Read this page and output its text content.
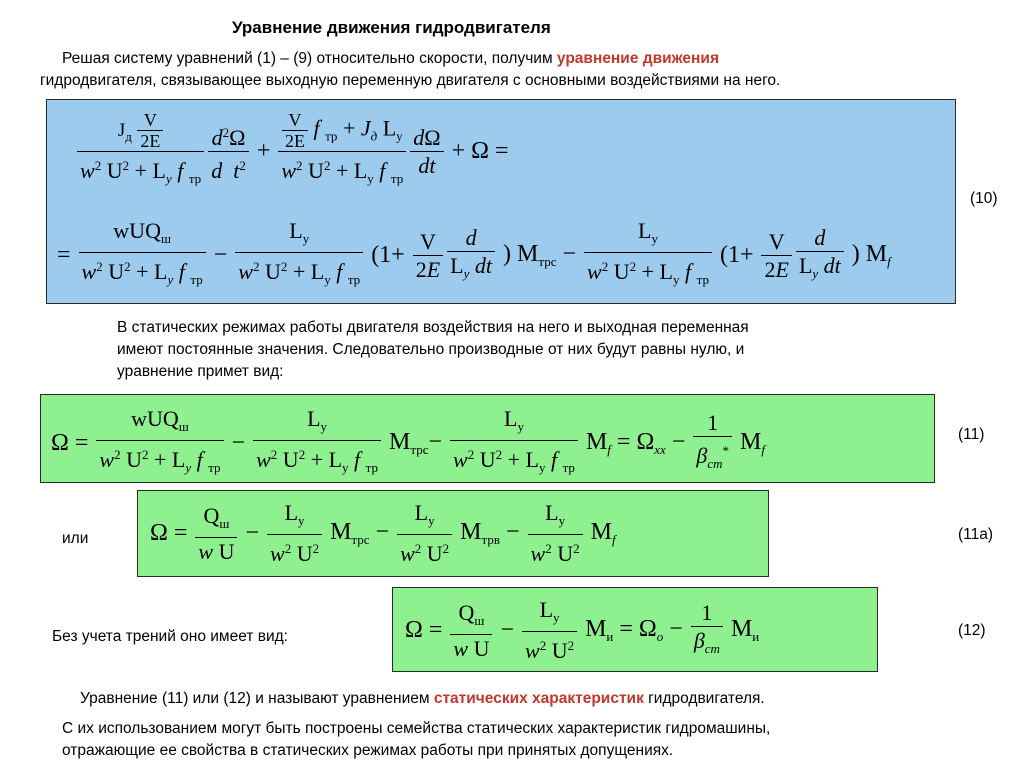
Уравнение движения гидродвигателя
Решая систему уравнений (1) – (9) относительно скорости, получим уравнение движения
гидродвигателя, связывающее выходную переменную двигателя с основными воздействиями на него.
$\frac{J_д \frac{V}{2E}}{w^2 U^2 + L_y f _{тр}}$
$\frac{d^2\Omega}{d t^2} + \frac{\frac{V}{2E} f _{тр} + J_д L_у}{w^2 U^2 + L_у f _{тр}}$
$\frac{d\Omega}{dt} + \Omega$ =
= $\frac{wUQ_ш}{w^2 U^2 + L_y f _{тр}} - \frac{L_у}{w^2 U^2 + L_у f _{тр}} (1+ \frac{V}{2E}$
$\frac{d}{L_y dt}$ ) $M_{трс} - \frac{L_у}{w^2 U^2 + L_у f _{тр}} (1+ \frac{V}{2E}$
$\frac{d}{L_y dt}$ ) $M_f$
(10)
В статических режимах работы двигателя воздействия на него и выходная переменная
имеют постоянные значения. Следовательно производные от них будут равны нулю, и
уравнение примет вид:
$\Omega = \frac{wUQ_ш}{w^2 U^2 + L_y f _{тр}} - \frac{L_у}{w^2 U^2 + L_у f _{тр}} M_{трс}- \frac{L_у}{w^2 U^2 + L_у f _{тр}} M_f = \Omega_{xx} - \frac{1}{\beta_{ст}^*} M_f$
(11)
или	$\Omega = \frac{Q_ш}{\text{w U}} - \frac{L_у}{w^2 U^2} M_{трс} - \frac{L_у}{w^2 U^2} M_{трв} - \frac{L_у}{w^2 U^2} M_f$	(11а)
Без учета трений оно имеет вид:	$\Omega = \frac{Q_ш}{\text{w U}} - \frac{L_у}{w^2 U^2} M_и = \Omega_о - \frac{1}{\beta_{ст}} M_и$	(12)
Уравнение (11) или (12) и называют уравнением статических характеристик гидродвигателя.
С их использованием могут быть построены семейства статических характеристик гидромашины,
отражающие ее свойства в статических режимах работы при принятых допущениях.
